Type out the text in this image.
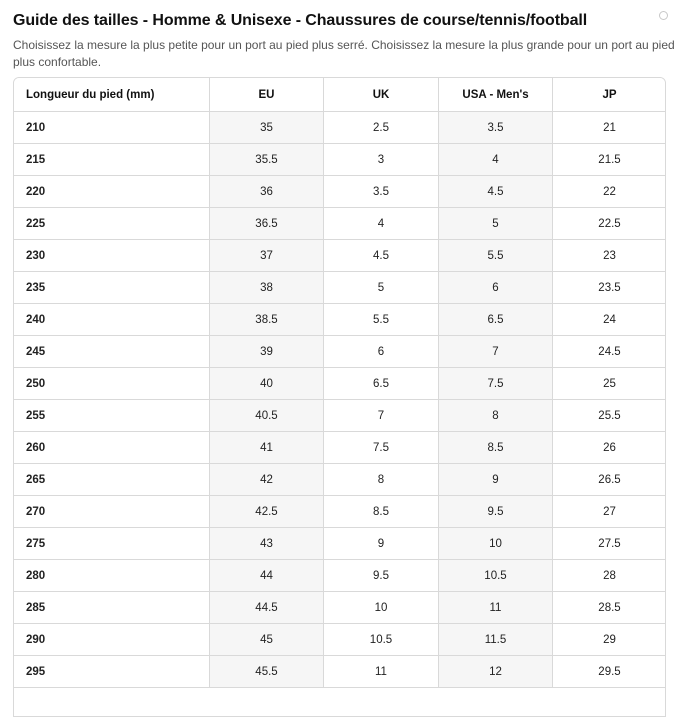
Guide des tailles - Homme & Unisexe - Chaussures de course/tennis/football

Choisissez la mesure la plus petite pour un port au pied plus serré. Choisissez la mesure la plus grande pour un port au pied plus confortable.

Longueur du pied (mm)	EU	UK	USA - Men's	JP
210	35	2.5	3.5	21
215	35.5	3	4	21.5
220	36	3.5	4.5	22
225	36.5	4	5	22.5
230	37	4.5	5.5	23
235	38	5	6	23.5
240	38.5	5.5	6.5	24
245	39	6	7	24.5
250	40	6.5	7.5	25
255	40.5	7	8	25.5
260	41	7.5	8.5	26
265	42	8	9	26.5
270	42.5	8.5	9.5	27
275	43	9	10	27.5
280	44	9.5	10.5	28
285	44.5	10	11	28.5
290	45	10.5	11.5	29
295	45.5	11	12	29.5
